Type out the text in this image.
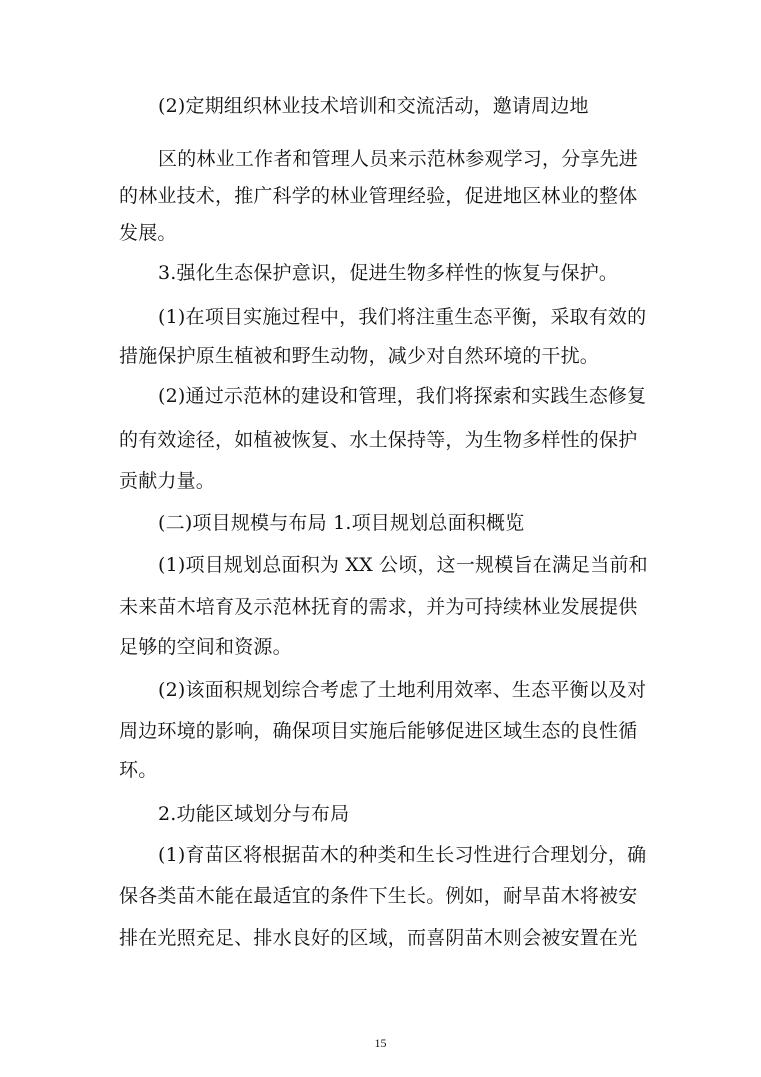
(2)定期组织林业技术培训和交流活动，邀请周边地
区的林业工作者和管理人员来示范林参观学习，分享先进
的林业技术，推广科学的林业管理经验，促进地区林业的整体
发展。
3.强化生态保护意识，促进生物多样性的恢复与保护。
(1)在项目实施过程中，我们将注重生态平衡，采取有效的
措施保护原生植被和野生动物，减少对自然环境的干扰。
(2)通过示范林的建设和管理，我们将探索和实践生态修复
的有效途径，如植被恢复、水土保持等，为生物多样性的保护
贡献力量。
(二)项目规模与布局 1.项目规划总面积概览
(1)项目规划总面积为 XX 公顷，这一规模旨在满足当前和
未来苗木培育及示范林抚育的需求，并为可持续林业发展提供
足够的空间和资源。
(2)该面积规划综合考虑了土地利用效率、生态平衡以及对
周边环境的影响，确保项目实施后能够促进区域生态的良性循
环。
2.功能区域划分与布局
(1)育苗区将根据苗木的种类和生长习性进行合理划分，确
保各类苗木能在最适宜的条件下生长。例如，耐旱苗木将被安
排在光照充足、排水良好的区域，而喜阴苗木则会被安置在光
15
